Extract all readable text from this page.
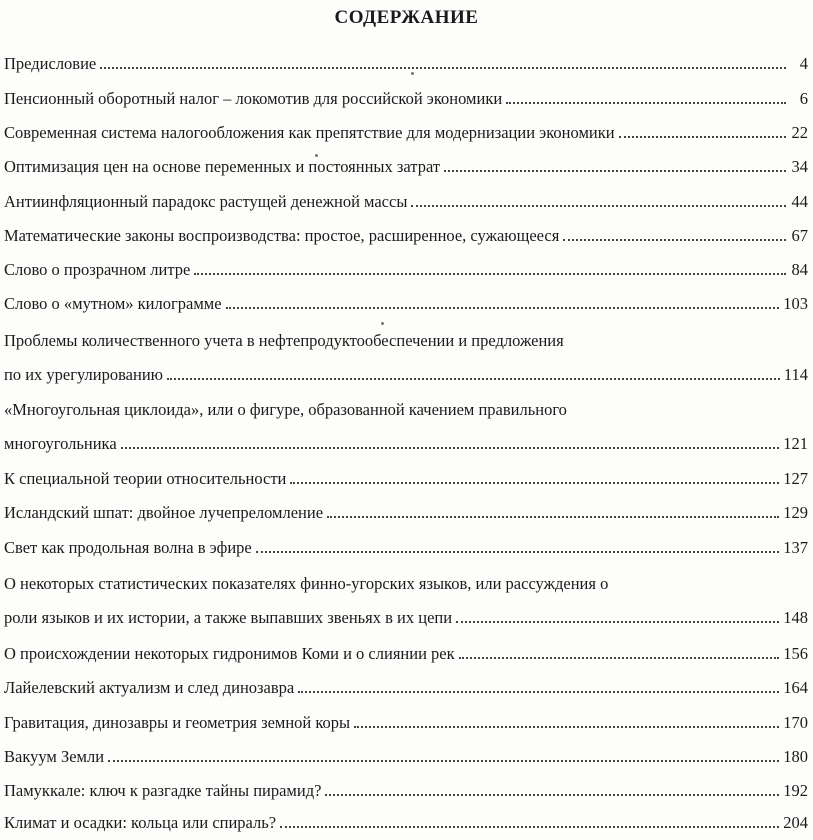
СОДЕРЖАНИЕ
Предисловие	4
Пенсионный оборотный налог – локомотив для российской экономики	6
Современная система налогообложения как препятствие для модернизации экономики	22
Оптимизация цен на основе переменных и постоянных затрат	34
Антиинфляционный парадокс растущей денежной массы	44
Математические законы воспроизводства: простое, расширенное, сужающееся	67
Слово о прозрачном литре	84
Слово о «мутном» килограмме	103
Проблемы количественного учета в нефтепродуктообеспечении и предложения
по их урегулированию	114
«Многоугольная циклоида», или о фигуре, образованной качением правильного
многоугольника	121
К специальной теории относительности	127
Исландский шпат: двойное лучепреломление	129
Свет как продольная волна в эфире	137
О некоторых статистических показателях финно-угорских языков, или рассуждения о
роли языков и их истории, а также выпавших звеньях в их цепи	148
О происхождении некоторых гидронимов Коми и о слиянии рек	156
Лайелевский актуализм и след динозавра	164
Гравитация, динозавры и геометрия земной коры	170
Вакуум Земли	180
Памуккале: ключ к разгадке тайны пирамид?	192
Климат и осадки: кольца или спираль?	204
